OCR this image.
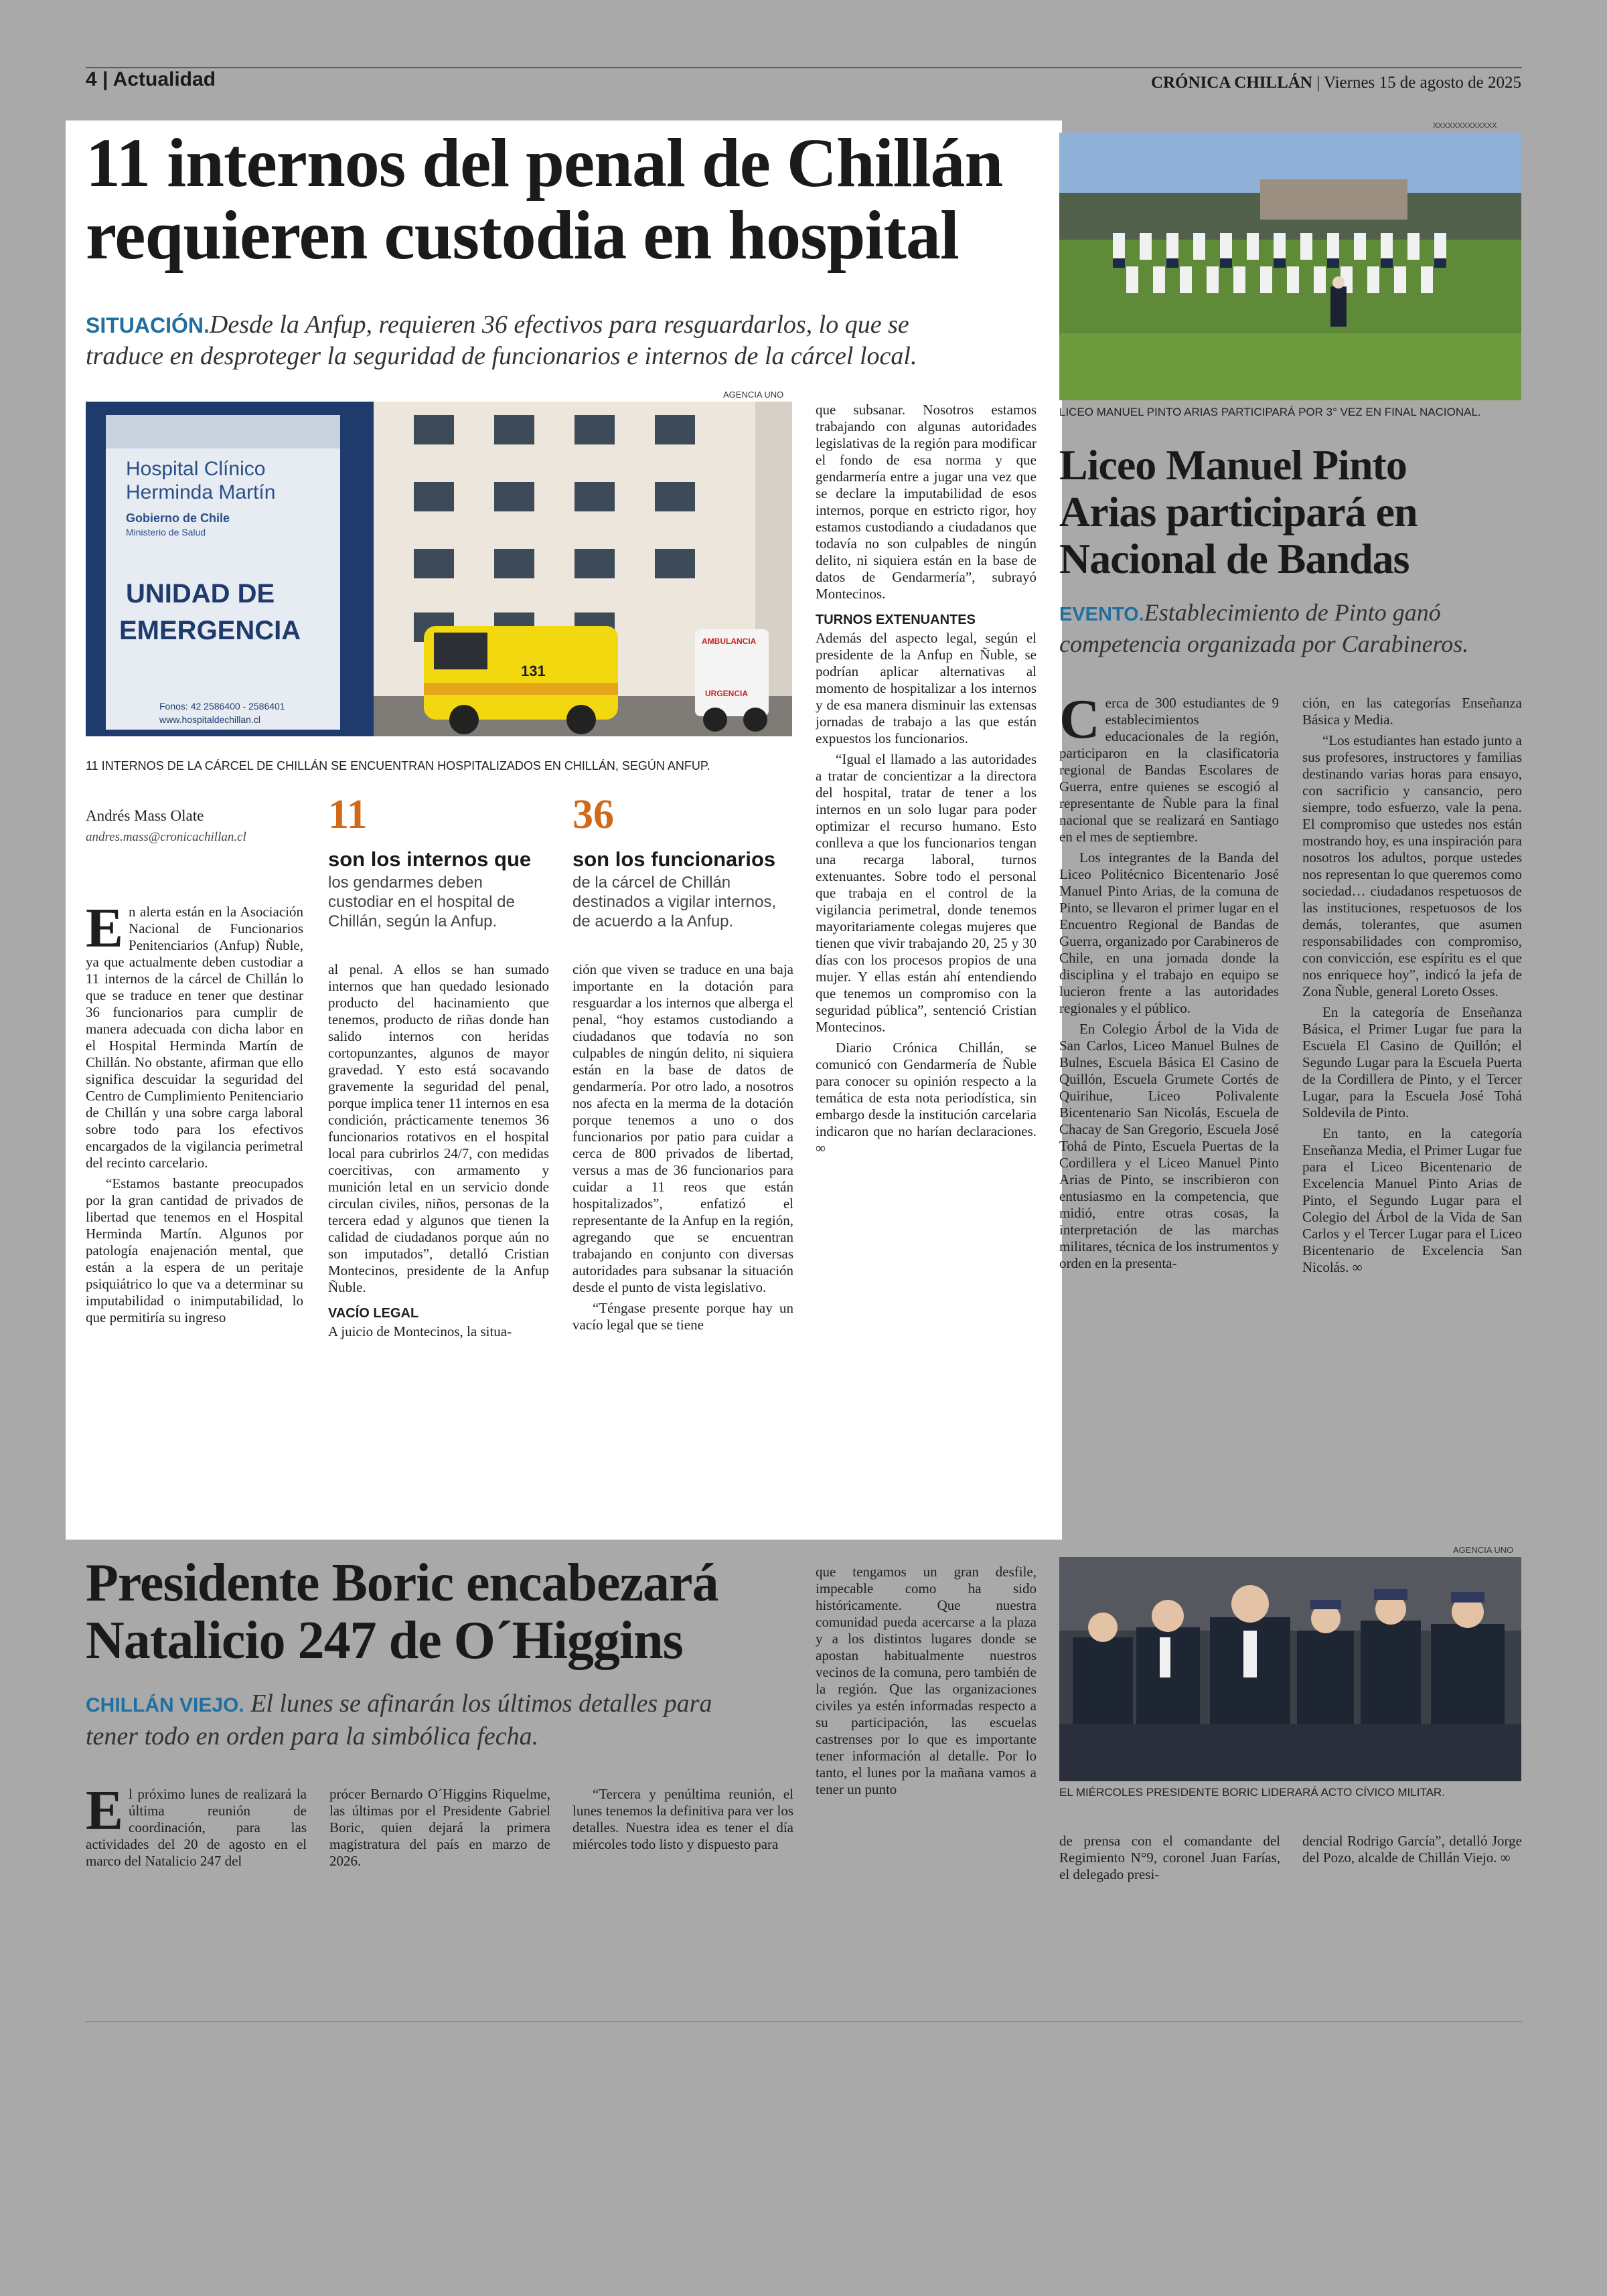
4 | Actualidad	CRÓNICA CHILLÁN | Viernes 15 de agosto de 2025
11 internos del penal de Chillán
requieren custodia en hospital
SITUACIÓN.Desde la Anfup, requieren 36 efectivos para resguardarlos, lo que se
traduce en desproteger la seguridad de funcionarios e internos de la cárcel local.
AGENCIA UNO
Hospital Clínico
Herminda Martín
Gobierno de Chile
Ministerio de Salud
UNIDAD DE
EMERGENCIA
Fonos: 42 2586400 - 2586401
www.hospitaldechillan.cl
131
AMBULANCIA
URGENCIA
11 INTERNOS DE LA CÁRCEL DE CHILLÁN SE ENCUENTRAN HOSPITALIZADOS EN CHILLÁN, SEGÚN ANFUP.
Andrés Mass Olate
andres.mass@cronicachillan.cl 11
son los internos que
los gendarmes deben custodiar en el hospital de Chillán, según la Anfup.
36
son los funcionarios
de la cárcel de Chillán destinados a vigilar internos, de acuerdo a la Anfup.

En alerta están en la Asociación Nacional de Funcionarios Penitenciarios (Anfup) Ñuble, ya que actualmente deben custodiar a 11 internos de la cárcel de Chillán lo que se traduce en tener que destinar 36 funcionarios para cumplir de manera adecuada con dicha labor en el Hospital Herminda Martín de Chillán. No obstante, afirman que ello significa descuidar la seguridad del Centro de Cumplimiento Penitenciario de Chillán y una sobre carga laboral sobre todo para los efectivos encargados de la vigilancia perimetral del recinto carcelario.

“Estamos bastante preocupados por la gran cantidad de privados de libertad que tenemos en el Hospital Herminda Martín. Algunos por patología enajenación mental, que están a la espera de un peritaje psiquiátrico lo que va a determinar su imputabilidad o inimputabilidad, lo que permitiría su ingreso

al penal. A ellos se han sumado internos que han quedado lesionado producto del hacinamiento que tenemos, producto de riñas donde han salido internos con heridas cortopunzantes, algunos de mayor gravedad. Y esto está socavando gravemente la seguridad del penal, porque implica tener 11 internos en esa condición, prácticamente tenemos 36 funcionarios rotativos en el hospital local para cubrirlos 24/7, con medidas coercitivas, con armamento y munición letal en un servicio donde circulan civiles, niños, personas de la tercera edad y algunos que tienen la calidad de ciudadanos porque aún no son imputados”, detalló Cristian Montecinos, presidente de la Anfup Ñuble.

VACÍO LEGAL

A juicio de Montecinos, la situa-

ción que viven se traduce en una baja importante en la dotación para resguardar a los internos que alberga el penal, “hoy estamos custodiando a ciudadanos que todavía no son culpables de ningún delito, ni siquiera están en la base de datos de gendarmería. Por otro lado, a nosotros nos afecta en la merma de la dotación porque tenemos a uno o dos funcionarios por patio para cuidar a cerca de 800 privados de libertad, versus a mas de 36 funcionarios para cuidar a 11 reos que están hospitalizados”, enfatizó el representante de la Anfup en la región, agregando que se encuentran trabajando en conjunto con diversas autoridades para subsanar la situación desde el punto de vista legislativo.

“Téngase presente porque hay un vacío legal que se tiene

que subsanar. Nosotros estamos trabajando con algunas autoridades legislativas de la región para modificar el fondo de esa norma y que gendarmería entre a jugar una vez que se declare la imputabilidad de esos internos, porque en estricto rigor, hoy estamos custodiando a ciudadanos que todavía no son culpables de ningún delito, ni siquiera están en la base de datos de Gendarmería”, subrayó Montecinos.

TURNOS EXTENUANTES

Además del aspecto legal, según el presidente de la Anfup en Ñuble, se podrían aplicar alternativas al momento de hospitalizar a los internos y de esa manera disminuir las extensas jornadas de trabajo a las que están expuestos los funcionarios.

“Igual el llamado a las autoridades a tratar de concientizar a la directora del hospital, tratar de tener a los internos en un solo lugar para poder optimizar el recurso humano. Esto conlleva a que los funcionarios tengan una recarga laboral, turnos extenuantes. Sobre todo el personal que trabaja en el control de la vigilancia perimetral, donde tenemos mayoritariamente colegas mujeres que tienen que vivir trabajando 20, 25 y 30 días con los procesos propios de una mujer. Y ellas están ahí entendiendo que tenemos un compromiso con la seguridad pública”, sentenció Cristian Montecinos.

Diario Crónica Chillán, se comunicó con Gendarmería de Ñuble para conocer su opinión respecto a la temática de esta nota periodística, sin embargo desde la institución carcelaria indicaron que no harían declaraciones. ∞

XXXXXXXXXXXXX
LICEO MANUEL PINTO ARIAS PARTICIPARÁ POR 3° VEZ EN FINAL NACIONAL.
Liceo Manuel Pinto
Arias participará en
Nacional de Bandas
EVENTO.Establecimiento de Pinto ganó
competencia organizada por Carabineros.

Cerca de 300 estudiantes de 9 establecimientos educacionales de la región, participaron en la clasificatoria regional de Bandas Escolares de Guerra, entre quienes se escogió al representante de Ñuble para la final nacional que se realizará en Santiago en el mes de septiembre.

Los integrantes de la Banda del Liceo Politécnico Bicentenario José Manuel Pinto Arias, de la comuna de Pinto, se llevaron el primer lugar en el Encuentro Regional de Bandas de Guerra, organizado por Carabineros de Chile, en una jornada donde la disciplina y el trabajo en equipo se lucieron frente a las autoridades regionales y el público.

En Colegio Árbol de la Vida de San Carlos, Liceo Manuel Bulnes de Bulnes, Escuela Básica El Casino de Quillón, Escuela Grumete Cortés de Quirihue, Liceo Polivalente Bicentenario San Nicolás, Escuela de Chacay de San Gregorio, Escuela José Tohá de Pinto, Escuela Puertas de la Cordillera y el Liceo Manuel Pinto Arias de Pinto, se inscribieron con entusiasmo en la competencia, que midió, entre otras cosas, la interpretación de las marchas militares, técnica de los instrumentos y orden en la presenta-

ción, en las categorías Enseñanza Básica y Media.

“Los estudiantes han estado junto a sus profesores, instructores y familias destinando varias horas para ensayo, con sacrificio y cansancio, pero siempre, todo esfuerzo, vale la pena. El compromiso que ustedes nos están mostrando hoy, es una inspiración para nosotros los adultos, porque ustedes nos representan lo que queremos como sociedad… ciudadanos respetuosos de las instituciones, respetuosos de los demás, tolerantes, que asumen responsabilidades con compromiso, con convicción, ese espíritu es el que nos enriquece hoy”, indicó la jefa de Zona Ñuble, general Loreto Osses.

En la categoría de Enseñanza Básica, el Primer Lugar fue para la Escuela El Casino de Quillón; el Segundo Lugar para la Escuela Puerta de la Cordillera de Pinto, y el Tercer Lugar, para la Escuela José Tohá Soldevila de Pinto.

En tanto, en la categoría Enseñanza Media, el Primer Lugar fue para el Liceo Bicentenario de Excelencia Manuel Pinto Arias de Pinto, el Segundo Lugar para el Colegio del Árbol de la Vida de San Carlos y el Tercer Lugar para el Liceo Bicentenario de Excelencia San Nicolás. ∞

Presidente Boric encabezará
Natalicio 247 de O´Higgins
CHILLÁN VIEJO. El lunes se afinarán los últimos detalles para
tener todo en orden para la simbólica fecha.

El próximo lunes de realizará la última reunión de coordinación, para las actividades del 20 de agosto en el marco del Natalicio 247 del

prócer Bernardo O´Higgins Riquelme, las últimas por el Presidente Gabriel Boric, quien dejará la primera magistratura del país en marzo de 2026.

“Tercera y penúltima reunión, el lunes tenemos la definitiva para ver los detalles. Nuestra idea es tener el día miércoles todo listo y dispuesto para

que tengamos un gran desfile, impecable como ha sido históricamente. Que nuestra comunidad pueda acercarse a la plaza y a los distintos lugares donde se apostan habitualmente nuestros vecinos de la comuna, pero también de la región. Que las organizaciones civiles ya estén informadas respecto a su participación, las escuelas castrenses por lo que es importante tener información al detalle. Por lo tanto, el lunes por la mañana vamos a tener un punto

AGENCIA UNO
EL MIÉRCOLES PRESIDENTE BORIC LIDERARÁ ACTO CÍVICO MILITAR.

de prensa con el comandante del Regimiento N°9, coronel Juan Farías, el delegado presi-

dencial Rodrigo García”, detalló Jorge del Pozo, alcalde de Chillán Viejo. ∞
